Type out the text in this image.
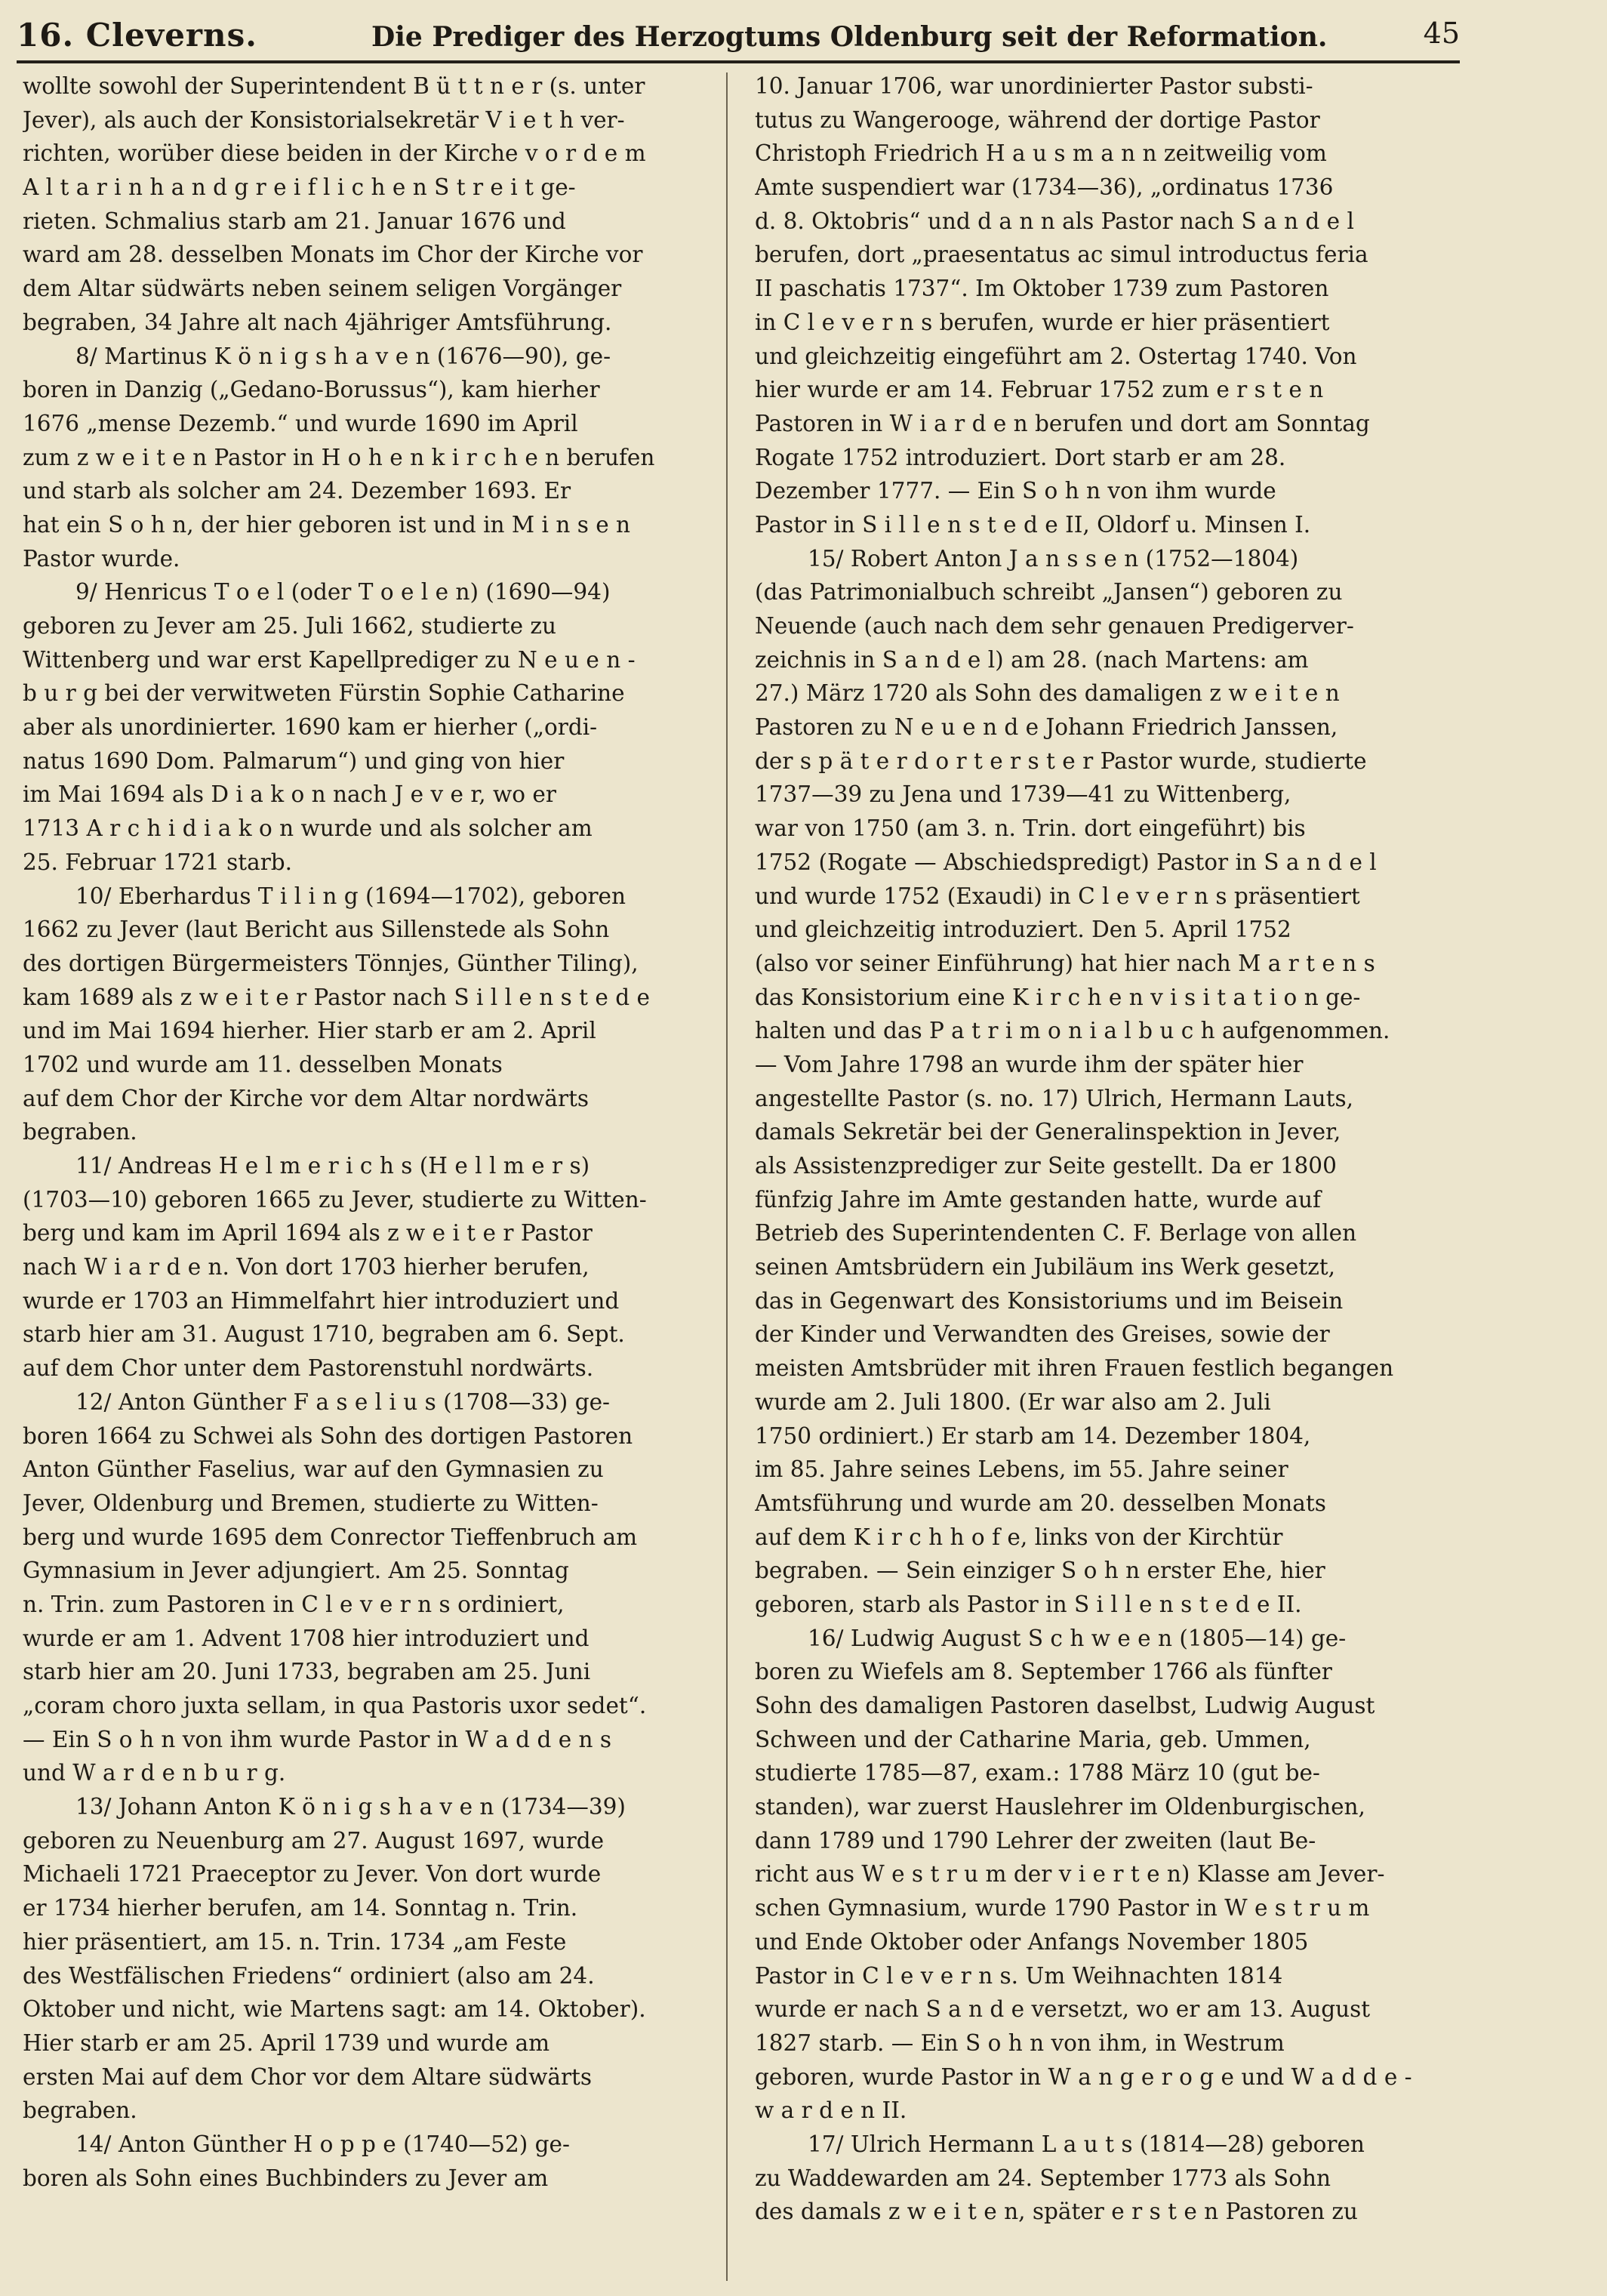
16. Cleverns.	Die Prediger des Herzogtums Oldenburg seit der Reformation.	45
wollte sowohl der Superintendent B ü t t n e r (s. unter
Jever), als auch der Konsistorialsekretär V i e t h ver-
richten, worüber diese beiden in der Kirche v o r d e m
A l t a r i n h a n d g r e i f l i c h e n S t r e i t ge-
rieten. Schmalius starb am 21. Januar 1676 und
ward am 28. desselben Monats im Chor der Kirche vor
dem Altar südwärts neben seinem seligen Vorgänger
begraben, 34 Jahre alt nach 4jähriger Amtsführung.
8/ Martinus K ö n i g s h a v e n (1676—90), ge-
boren in Danzig („Gedano-Borussus“), kam hierher
1676 „mense Dezemb.“ und wurde 1690 im April
zum z w e i t e n Pastor in H o h e n k i r c h e n berufen
und starb als solcher am 24. Dezember 1693. Er
hat ein S o h n, der hier geboren ist und in M i n s e n
Pastor wurde.
9/ Henricus T o e l (oder T o e l e n) (1690—94)
geboren zu Jever am 25. Juli 1662, studierte zu
Wittenberg und war erst Kapellprediger zu N e u e n -
b u r g bei der verwitweten Fürstin Sophie Catharine
aber als unordinierter. 1690 kam er hierher („ordi-
natus 1690 Dom. Palmarum“) und ging von hier
im Mai 1694 als D i a k o n nach J e v e r, wo er
1713 A r c h i d i a k o n wurde und als solcher am
25. Februar 1721 starb.
10/ Eberhardus T i l i n g (1694—1702), geboren
1662 zu Jever (laut Bericht aus Sillenstede als Sohn
des dortigen Bürgermeisters Tönnjes, Günther Tiling),
kam 1689 als z w e i t e r Pastor nach S i l l e n s t e d e
und im Mai 1694 hierher. Hier starb er am 2. April
1702 und wurde am 11. desselben Monats
auf dem Chor der Kirche vor dem Altar nordwärts
begraben.
11/ Andreas H e l m e r i c h s (H e l l m e r s)
(1703—10) geboren 1665 zu Jever, studierte zu Witten-
berg und kam im April 1694 als z w e i t e r Pastor
nach W i a r d e n. Von dort 1703 hierher berufen,
wurde er 1703 an Himmelfahrt hier introduziert und
starb hier am 31. August 1710, begraben am 6. Sept.
auf dem Chor unter dem Pastorenstuhl nordwärts.
12/ Anton Günther F a s e l i u s (1708—33) ge-
boren 1664 zu Schwei als Sohn des dortigen Pastoren
Anton Günther Faselius, war auf den Gymnasien zu
Jever, Oldenburg und Bremen, studierte zu Witten-
berg und wurde 1695 dem Conrector Tieffenbruch am
Gymnasium in Jever adjungiert. Am 25. Sonntag
n. Trin. zum Pastoren in C l e v e r n s ordiniert,
wurde er am 1. Advent 1708 hier introduziert und
starb hier am 20. Juni 1733, begraben am 25. Juni
„coram choro juxta sellam, in qua Pastoris uxor sedet“.
— Ein S o h n von ihm wurde Pastor in W a d d e n s
und W a r d e n b u r g.
13/ Johann Anton K ö n i g s h a v e n (1734—39)
geboren zu Neuenburg am 27. August 1697, wurde
Michaeli 1721 Praeceptor zu Jever. Von dort wurde
er 1734 hierher berufen, am 14. Sonntag n. Trin.
hier präsentiert, am 15. n. Trin. 1734 „am Feste
des Westfälischen Friedens“ ordiniert (also am 24.
Oktober und nicht, wie Martens sagt: am 14. Oktober).
Hier starb er am 25. April 1739 und wurde am
ersten Mai auf dem Chor vor dem Altare südwärts
begraben.
14/ Anton Günther H o p p e (1740—52) ge-
boren als Sohn eines Buchbinders zu Jever am
10. Januar 1706, war unordinierter Pastor substi-
tutus zu Wangerooge, während der dortige Pastor
Christoph Friedrich H a u s m a n n zeitweilig vom
Amte suspendiert war (1734—36), „ordinatus 1736
d. 8. Oktobris“ und d a n n als Pastor nach S a n d e l
berufen, dort „praesentatus ac simul introductus feria
II paschatis 1737“. Im Oktober 1739 zum Pastoren
in C l e v e r n s berufen, wurde er hier präsentiert
und gleichzeitig eingeführt am 2. Ostertag 1740. Von
hier wurde er am 14. Februar 1752 zum e r s t e n
Pastoren in W i a r d e n berufen und dort am Sonntag
Rogate 1752 introduziert. Dort starb er am 28.
Dezember 1777. — Ein S o h n von ihm wurde
Pastor in S i l l e n s t e d e II, Oldorf u. Minsen I.
15/ Robert Anton J a n s s e n (1752—1804)
(das Patrimonialbuch schreibt „Jansen“) geboren zu
Neuende (auch nach dem sehr genauen Predigerver-
zeichnis in S a n d e l) am 28. (nach Martens: am
27.) März 1720 als Sohn des damaligen z w e i t e n
Pastoren zu N e u e n d e Johann Friedrich Janssen,
der s p ä t e r d o r t e r s t e r Pastor wurde, studierte
1737—39 zu Jena und 1739—41 zu Wittenberg,
war von 1750 (am 3. n. Trin. dort eingeführt) bis
1752 (Rogate — Abschiedspredigt) Pastor in S a n d e l
und wurde 1752 (Exaudi) in C l e v e r n s präsentiert
und gleichzeitig introduziert. Den 5. April 1752
(also vor seiner Einführung) hat hier nach M a r t e n s
das Konsistorium eine K i r c h e n v i s i t a t i o n ge-
halten und das P a t r i m o n i a l b u c h aufgenommen.
— Vom Jahre 1798 an wurde ihm der später hier
angestellte Pastor (s. no. 17) Ulrich, Hermann Lauts,
damals Sekretär bei der Generalinspektion in Jever,
als Assistenzprediger zur Seite gestellt. Da er 1800
fünfzig Jahre im Amte gestanden hatte, wurde auf
Betrieb des Superintendenten C. F. Berlage von allen
seinen Amtsbrüdern ein Jubiläum ins Werk gesetzt,
das in Gegenwart des Konsistoriums und im Beisein
der Kinder und Verwandten des Greises, sowie der
meisten Amtsbrüder mit ihren Frauen festlich begangen
wurde am 2. Juli 1800. (Er war also am 2. Juli
1750 ordiniert.) Er starb am 14. Dezember 1804,
im 85. Jahre seines Lebens, im 55. Jahre seiner
Amtsführung und wurde am 20. desselben Monats
auf dem K i r c h h o f e, links von der Kirchtür
begraben. — Sein einziger S o h n erster Ehe, hier
geboren, starb als Pastor in S i l l e n s t e d e II.
16/ Ludwig August S c h w e e n (1805—14) ge-
boren zu Wiefels am 8. September 1766 als fünfter
Sohn des damaligen Pastoren daselbst, Ludwig August
Schween und der Catharine Maria, geb. Ummen,
studierte 1785—87, exam.: 1788 März 10 (gut be-
standen), war zuerst Hauslehrer im Oldenburgischen,
dann 1789 und 1790 Lehrer der zweiten (laut Be-
richt aus W e s t r u m der v i e r t e n) Klasse am Jever-
schen Gymnasium, wurde 1790 Pastor in W e s t r u m
und Ende Oktober oder Anfangs November 1805
Pastor in C l e v e r n s. Um Weihnachten 1814
wurde er nach S a n d e versetzt, wo er am 13. August
1827 starb. — Ein S o h n von ihm, in Westrum
geboren, wurde Pastor in W a n g e r o g e und W a d d e -
w a r d e n II.
17/ Ulrich Hermann L a u t s (1814—28) geboren
zu Waddewarden am 24. September 1773 als Sohn
des damals z w e i t e n, später e r s t e n Pastoren zu
